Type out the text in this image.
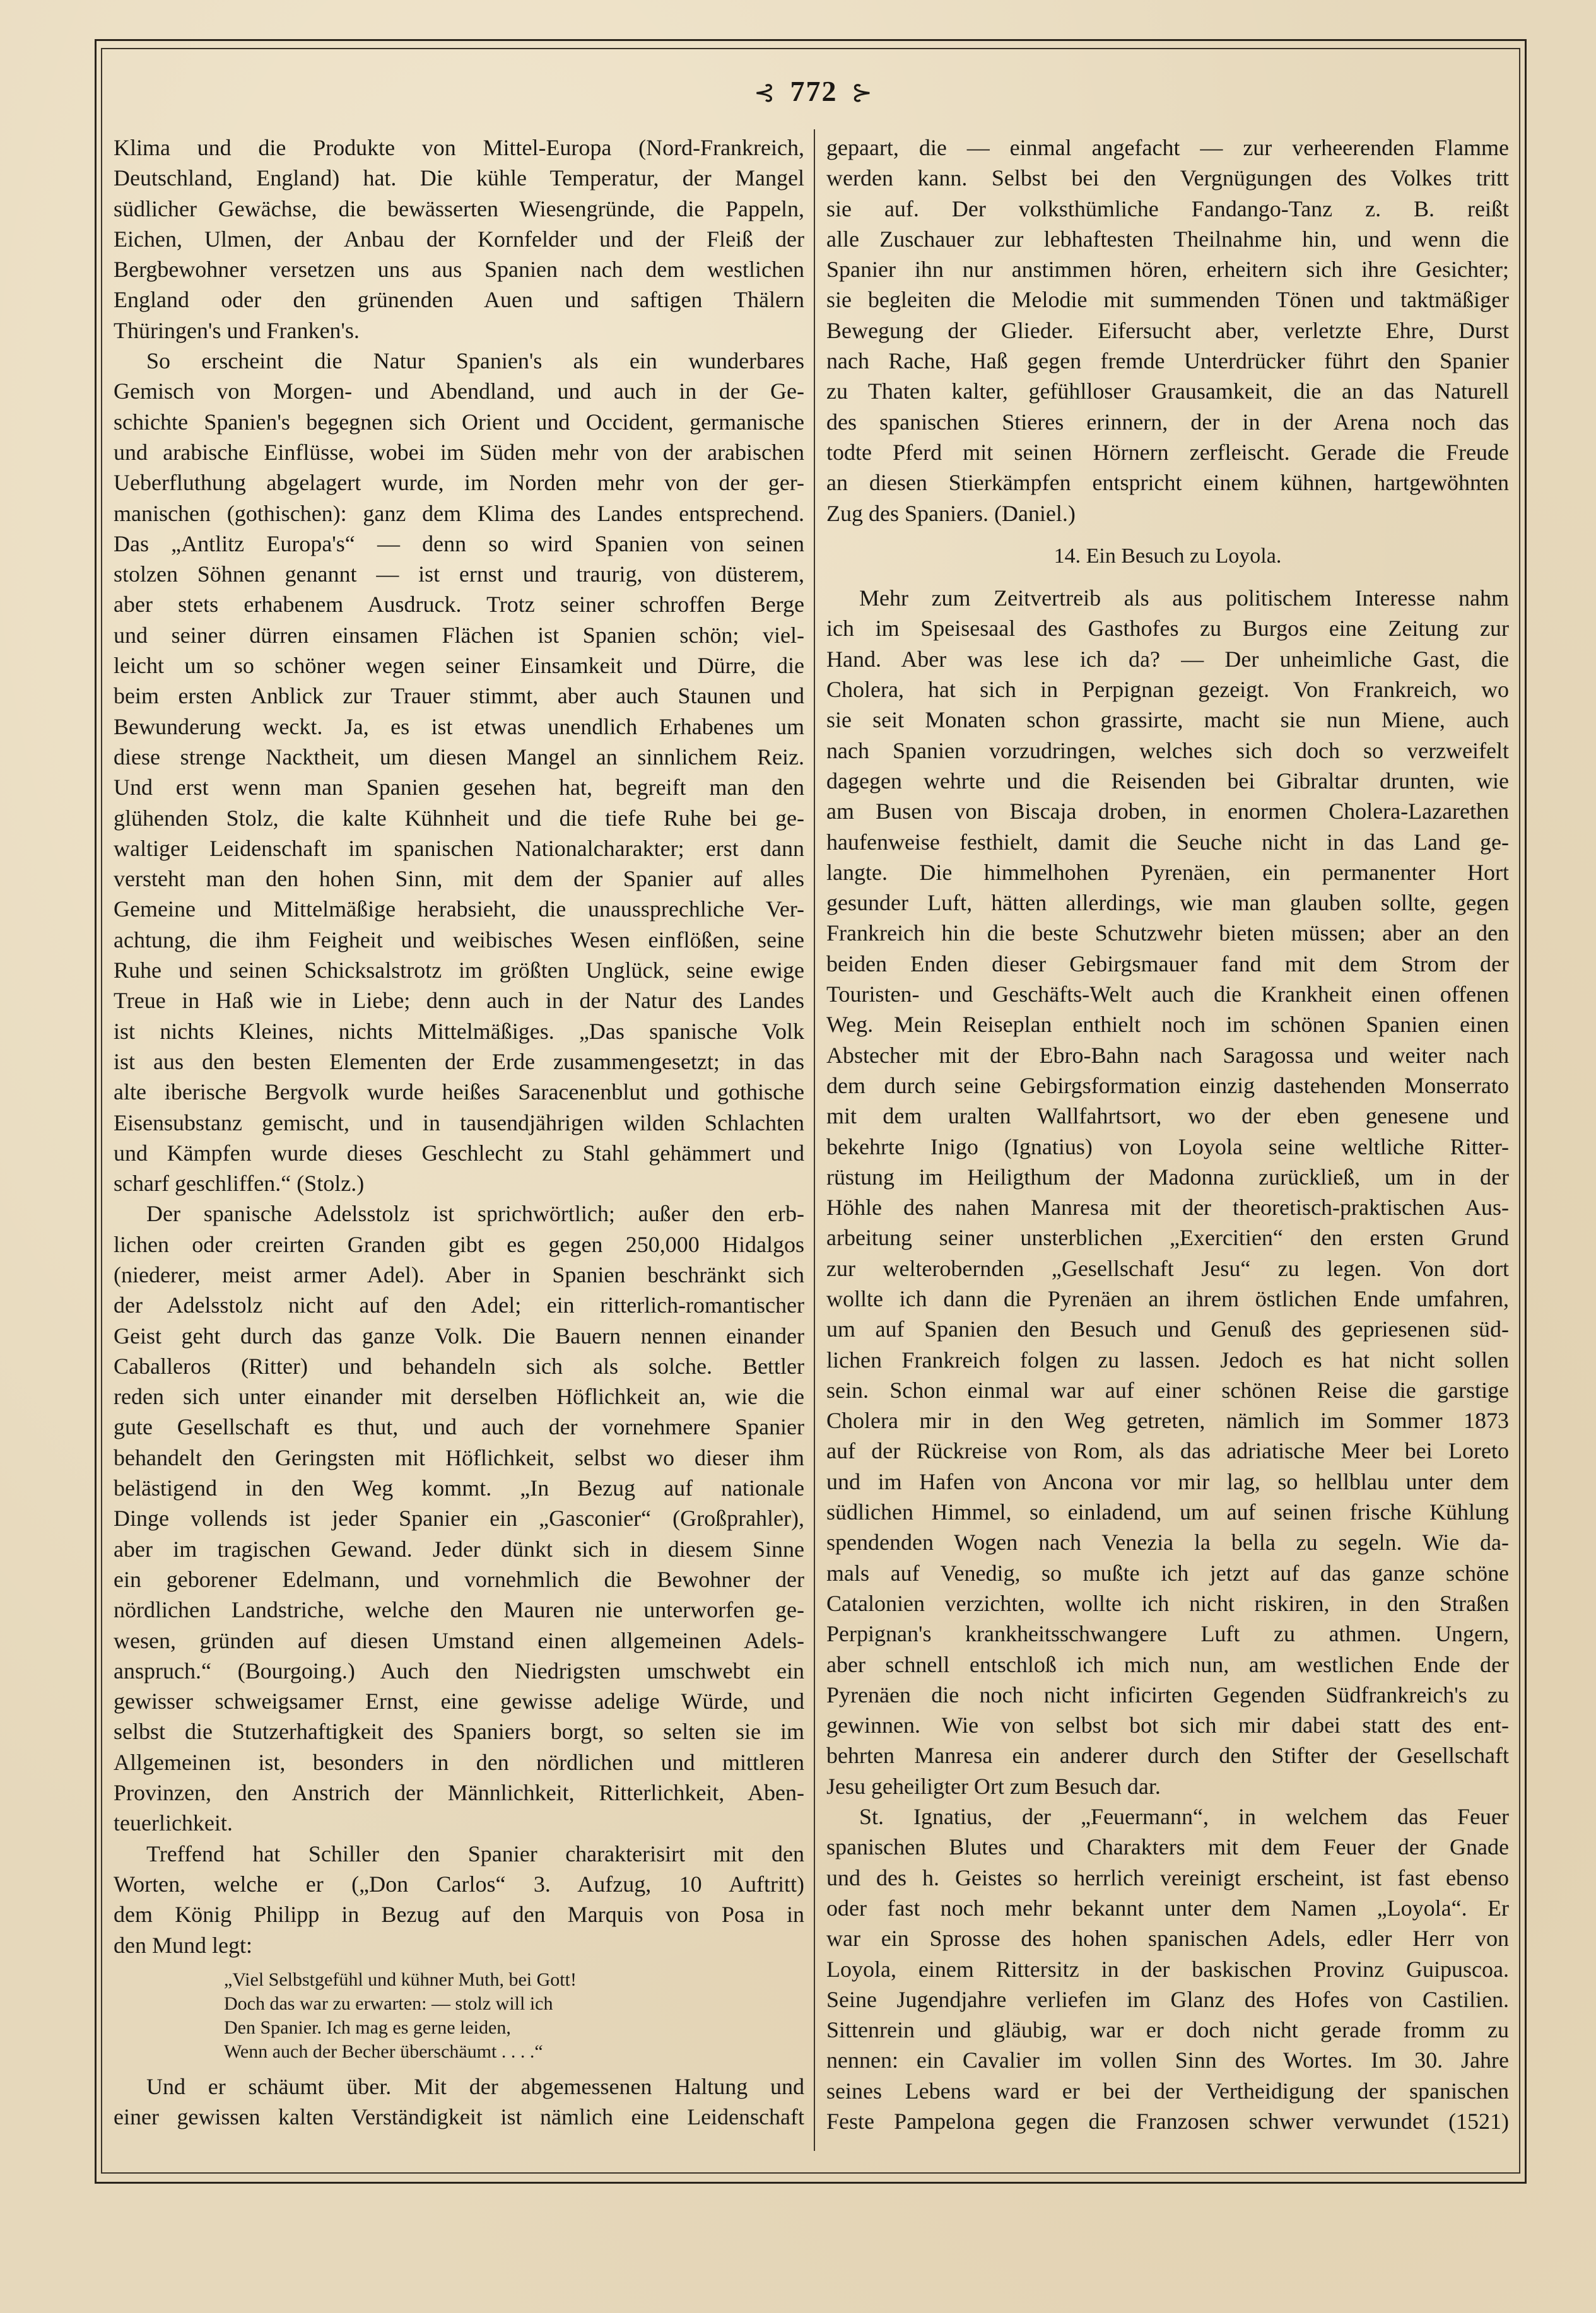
⊰ 772 ⊱
Klima und die Produkte von Mittel-Europa (Nord-Frankreich,
Deutschland, England) hat. Die kühle Temperatur, der Mangel
südlicher Gewächse, die bewässerten Wiesengründe, die Pappeln,
Eichen, Ulmen, der Anbau der Kornfelder und der Fleiß der
Bergbewohner versetzen uns aus Spanien nach dem westlichen
England oder den grünenden Auen und saftigen Thälern
Thüringen's und Franken's.
So erscheint die Natur Spanien's als ein wunderbares
Gemisch von Morgen- und Abendland, und auch in der Ge-
schichte Spanien's begegnen sich Orient und Occident, germanische
und arabische Einflüsse, wobei im Süden mehr von der arabischen
Ueberfluthung abgelagert wurde, im Norden mehr von der ger-
manischen (gothischen): ganz dem Klima des Landes entsprechend.
Das „Antlitz Europa's“ — denn so wird Spanien von seinen
stolzen Söhnen genannt — ist ernst und traurig, von düsterem,
aber stets erhabenem Ausdruck. Trotz seiner schroffen Berge
und seiner dürren einsamen Flächen ist Spanien schön; viel-
leicht um so schöner wegen seiner Einsamkeit und Dürre, die
beim ersten Anblick zur Trauer stimmt, aber auch Staunen und
Bewunderung weckt. Ja, es ist etwas unendlich Erhabenes um
diese strenge Nacktheit, um diesen Mangel an sinnlichem Reiz.
Und erst wenn man Spanien gesehen hat, begreift man den
glühenden Stolz, die kalte Kühnheit und die tiefe Ruhe bei ge-
waltiger Leidenschaft im spanischen Nationalcharakter; erst dann
versteht man den hohen Sinn, mit dem der Spanier auf alles
Gemeine und Mittelmäßige herabsieht, die unaussprechliche Ver-
achtung, die ihm Feigheit und weibisches Wesen einflößen, seine
Ruhe und seinen Schicksalstrotz im größten Unglück, seine ewige
Treue in Haß wie in Liebe; denn auch in der Natur des Landes
ist nichts Kleines, nichts Mittelmäßiges. „Das spanische Volk
ist aus den besten Elementen der Erde zusammengesetzt; in das
alte iberische Bergvolk wurde heißes Saracenenblut und gothische
Eisensubstanz gemischt, und in tausendjährigen wilden Schlachten
und Kämpfen wurde dieses Geschlecht zu Stahl gehämmert und
scharf geschliffen.“ (Stolz.)
Der spanische Adelsstolz ist sprichwörtlich; außer den erb-
lichen oder creirten Granden gibt es gegen 250,000 Hidalgos
(niederer, meist armer Adel). Aber in Spanien beschränkt sich
der Adelsstolz nicht auf den Adel; ein ritterlich-romantischer
Geist geht durch das ganze Volk. Die Bauern nennen einander
Caballeros (Ritter) und behandeln sich als solche. Bettler
reden sich unter einander mit derselben Höflichkeit an, wie die
gute Gesellschaft es thut, und auch der vornehmere Spanier
behandelt den Geringsten mit Höflichkeit, selbst wo dieser ihm
belästigend in den Weg kommt. „In Bezug auf nationale
Dinge vollends ist jeder Spanier ein „Gasconier“ (Großprahler),
aber im tragischen Gewand. Jeder dünkt sich in diesem Sinne
ein geborener Edelmann, und vornehmlich die Bewohner der
nördlichen Landstriche, welche den Mauren nie unterworfen ge-
wesen, gründen auf diesen Umstand einen allgemeinen Adels-
anspruch.“ (Bourgoing.) Auch den Niedrigsten umschwebt ein
gewisser schweigsamer Ernst, eine gewisse adelige Würde, und
selbst die Stutzerhaftigkeit des Spaniers borgt, so selten sie im
Allgemeinen ist, besonders in den nördlichen und mittleren
Provinzen, den Anstrich der Männlichkeit, Ritterlichkeit, Aben-
teuerlichkeit.
Treffend hat Schiller den Spanier charakterisirt mit den
Worten, welche er („Don Carlos“ 3. Aufzug, 10 Auftritt)
dem König Philipp in Bezug auf den Marquis von Posa in
den Mund legt:
„Viel Selbstgefühl und kühner Muth, bei Gott!
Doch das war zu erwarten: — stolz will ich
Den Spanier. Ich mag es gerne leiden,
Wenn auch der Becher überschäumt . . . .“
Und er schäumt über. Mit der abgemessenen Haltung und
einer gewissen kalten Verständigkeit ist nämlich eine Leidenschaft
gepaart, die — einmal angefacht — zur verheerenden Flamme
werden kann. Selbst bei den Vergnügungen des Volkes tritt
sie auf. Der volksthümliche Fandango-Tanz z. B. reißt
alle Zuschauer zur lebhaftesten Theilnahme hin, und wenn die
Spanier ihn nur anstimmen hören, erheitern sich ihre Gesichter;
sie begleiten die Melodie mit summenden Tönen und taktmäßiger
Bewegung der Glieder. Eifersucht aber, verletzte Ehre, Durst
nach Rache, Haß gegen fremde Unterdrücker führt den Spanier
zu Thaten kalter, gefühlloser Grausamkeit, die an das Naturell
des spanischen Stieres erinnern, der in der Arena noch das
todte Pferd mit seinen Hörnern zerfleischt. Gerade die Freude
an diesen Stierkämpfen entspricht einem kühnen, hartgewöhnten
Zug des Spaniers. (Daniel.)
14. Ein Besuch zu Loyola.
Mehr zum Zeitvertreib als aus politischem Interesse nahm
ich im Speisesaal des Gasthofes zu Burgos eine Zeitung zur
Hand. Aber was lese ich da? — Der unheimliche Gast, die
Cholera, hat sich in Perpignan gezeigt. Von Frankreich, wo
sie seit Monaten schon grassirte, macht sie nun Miene, auch
nach Spanien vorzudringen, welches sich doch so verzweifelt
dagegen wehrte und die Reisenden bei Gibraltar drunten, wie
am Busen von Biscaja droben, in enormen Cholera-Lazarethen
haufenweise festhielt, damit die Seuche nicht in das Land ge-
langte. Die himmelhohen Pyrenäen, ein permanenter Hort
gesunder Luft, hätten allerdings, wie man glauben sollte, gegen
Frankreich hin die beste Schutzwehr bieten müssen; aber an den
beiden Enden dieser Gebirgsmauer fand mit dem Strom der
Touristen- und Geschäfts-Welt auch die Krankheit einen offenen
Weg. Mein Reiseplan enthielt noch im schönen Spanien einen
Abstecher mit der Ebro-Bahn nach Saragossa und weiter nach
dem durch seine Gebirgsformation einzig dastehenden Monserrato
mit dem uralten Wallfahrtsort, wo der eben genesene und
bekehrte Inigo (Ignatius) von Loyola seine weltliche Ritter-
rüstung im Heiligthum der Madonna zurückließ, um in der
Höhle des nahen Manresa mit der theoretisch-praktischen Aus-
arbeitung seiner unsterblichen „Exercitien“ den ersten Grund
zur welterobernden „Gesellschaft Jesu“ zu legen. Von dort
wollte ich dann die Pyrenäen an ihrem östlichen Ende umfahren,
um auf Spanien den Besuch und Genuß des gepriesenen süd-
lichen Frankreich folgen zu lassen. Jedoch es hat nicht sollen
sein. Schon einmal war auf einer schönen Reise die garstige
Cholera mir in den Weg getreten, nämlich im Sommer 1873
auf der Rückreise von Rom, als das adriatische Meer bei Loreto
und im Hafen von Ancona vor mir lag, so hellblau unter dem
südlichen Himmel, so einladend, um auf seinen frische Kühlung
spendenden Wogen nach Venezia la bella zu segeln. Wie da-
mals auf Venedig, so mußte ich jetzt auf das ganze schöne
Catalonien verzichten, wollte ich nicht riskiren, in den Straßen
Perpignan's krankheitsschwangere Luft zu athmen. Ungern,
aber schnell entschloß ich mich nun, am westlichen Ende der
Pyrenäen die noch nicht inficirten Gegenden Südfrankreich's zu
gewinnen. Wie von selbst bot sich mir dabei statt des ent-
behrten Manresa ein anderer durch den Stifter der Gesellschaft
Jesu geheiligter Ort zum Besuch dar.
St. Ignatius, der „Feuermann“, in welchem das Feuer
spanischen Blutes und Charakters mit dem Feuer der Gnade
und des h. Geistes so herrlich vereinigt erscheint, ist fast ebenso
oder fast noch mehr bekannt unter dem Namen „Loyola“. Er
war ein Sprosse des hohen spanischen Adels, edler Herr von
Loyola, einem Rittersitz in der baskischen Provinz Guipuscoa.
Seine Jugendjahre verliefen im Glanz des Hofes von Castilien.
Sittenrein und gläubig, war er doch nicht gerade fromm zu
nennen: ein Cavalier im vollen Sinn des Wortes. Im 30. Jahre
seines Lebens ward er bei der Vertheidigung der spanischen
Feste Pampelona gegen die Franzosen schwer verwundet (1521)
